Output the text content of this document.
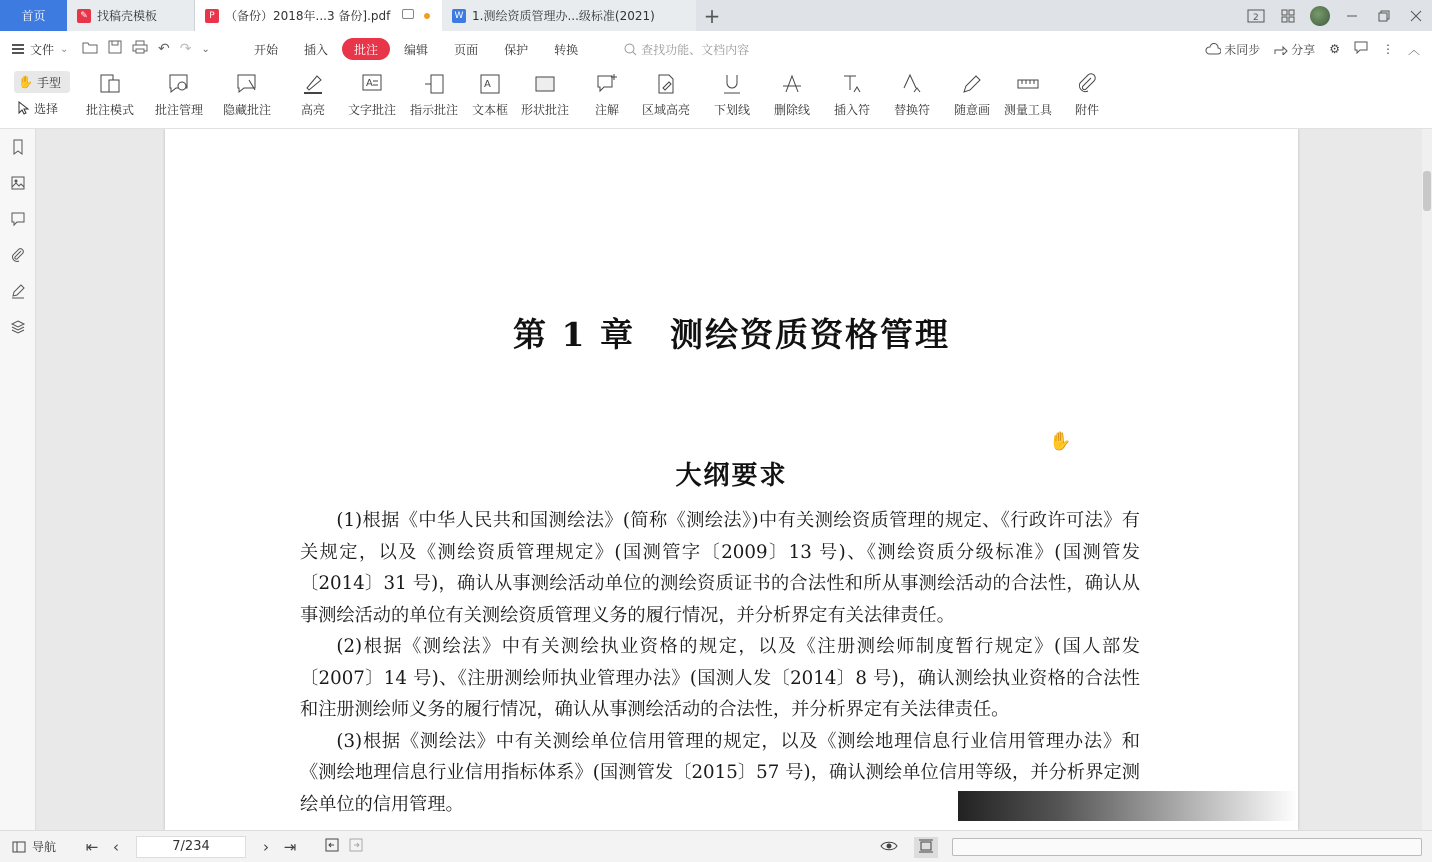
首页	✎ 找稿壳模板	P （备份）2018年...3 备份].pdf	W 1.测绘资质管理办...级标准(2021) +	2
文件 ⌄	↶ ↷ ⌄	开始	插入	批注	编辑	页面	保护	转换	查找功能、文档内容	未同步	分享 ⚙	⋮ ︿
✋ 手型
选择 批注模式 批注管理 隐藏批注 高亮
A
文字批注 指示批注
A
文本框 形状批注 注解 区域高亮 下划线 删除线 插入符 替换符 随意画 测量工具 附件
第 1 章　测绘资质资格管理
大纲要求

(1)根据《中华人民共和国测绘法》(简称《测绘法》)中有关测绘资质管理的规定、《行政许可法》有关规定，以及《测绘资质管理规定》(国测管字〔2009〕13 号)、《测绘资质分级标准》(国测管发〔2014〕31 号)，确认从事测绘活动单位的测绘资质证书的合法性和所从事测绘活动的合法性，确认从事测绘活动的单位有关测绘资质管理义务的履行情况，并分析界定有关法律责任。

(2)根据《测绘法》中有关测绘执业资格的规定，以及《注册测绘师制度暂行规定》(国人部发〔2007〕14 号)、《注册测绘师执业管理办法》(国测人发〔2014〕8 号)，确认测绘执业资格的合法性和注册测绘师义务的履行情况，确认从事测绘活动的合法性，并分析界定有关法律责任。

(3)根据《测绘法》中有关测绘单位信用管理的规定，以及《测绘地理信息行业信用管理办法》和《测绘地理信息行业信用指标体系》(国测管发〔2015〕57 号)，确认测绘单位信用等级，并分析界定测绘单位的信用管理。

✋
导航	⇤ ‹	7/234	› ⇥
